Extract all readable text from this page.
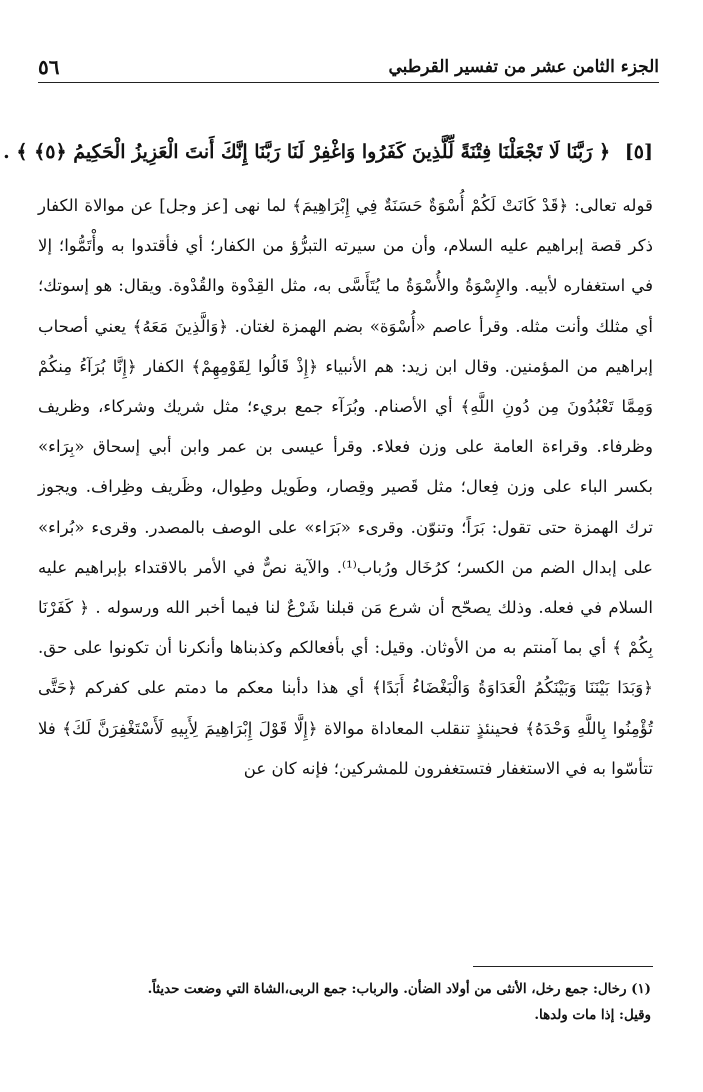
الجزء الثامن عشر من تفسير القرطبي
٥٦
[٥] ﴿ رَبَّنَا لَا تَجْعَلْنَا فِتْنَةً لِّلَّذِينَ كَفَرُوا وَاغْفِرْ لَنَا رَبَّنَا إِنَّكَ أَنتَ الْعَزِيزُ الْحَكِيمُ ﴿٥﴾ ﴾ .

قوله تعالى: ﴿قَدْ كَانَتْ لَكُمْ أُسْوَةٌ حَسَنَةٌ فِي إِبْرَاهِيمَ﴾ لما نهى [عز وجل] عن موالاة الكفار ذكر قصة إبراهيم عليه السلام، وأن من سيرته التبرُّؤ من الكفار؛ أي فأقتدوا به وأْتَمُّوا؛ إلا في استغفاره لأبيه. والإِسْوَةُ والأُسْوَةُ ما يُتَأَسَّى به، مثل القِدْوة والقُدْوة. ويقال: هو إسوتك؛ أي مثلك وأنت مثله. وقرأ عاصم «أُسْوَة» بضم الهمزة لغتان. ﴿وَالَّذِينَ مَعَهُ﴾ يعني أصحاب إبراهيم من المؤمنين. وقال ابن زيد: هم الأنبياء ﴿إِذْ قَالُوا لِقَوْمِهِمْ﴾ الكفار ﴿إِنَّا بُرَآءُ مِنكُمْ وَمِمَّا تَعْبُدُونَ مِن دُونِ اللَّهِ﴾ أي الأصنام. وبُرَآء جمع بريء؛ مثل شريك وشركاء، وظريف وظرفاء. وقراءة العامة على وزن فعلاء. وقرأ عيسى بن عمر وابن أبي إسحاق «بِرَاء» بكسر الباء على وزن فِعال؛ مثل قَصير وقِصار، وطَويل وطِوال، وظَريف وظِراف. ويجوز ترك الهمزة حتى تقول: بَرَاً؛ وتنوّن. وقرىء «بَرَاء» على الوصف بالمصدر. وقرىء «بُراء» على إبدال الضم من الكسر؛ كرُخَال ورُباب⁽¹⁾. والآية نصٌّ في الأمر بالاقتداء بإبراهيم عليه السلام في فعله. وذلك يصحّح أن شرع مَن قبلنا شَرْعٌ لنا فيما أخبر الله ورسوله . ﴿ كَفَرْنَا بِكُمْ ﴾ أي بما آمنتم به من الأوثان. وقيل: أي بأفعالكم وكذبناها وأنكرنا أن تكونوا على حق. ﴿وَبَدَا بَيْنَنَا وَبَيْنَكُمُ الْعَدَاوَةُ وَالْبَغْضَاءُ أَبَدًا﴾ أي هذا دأبنا معكم ما دمتم على كفركم ﴿حَتَّى تُؤْمِنُوا بِاللَّهِ وَحْدَهُ﴾ فحينئذٍ تنقلب المعاداة موالاة ﴿إِلَّا قَوْلَ إِبْرَاهِيمَ لِأَبِيهِ لَأَسْتَغْفِرَنَّ لَكَ﴾ فلا تتأسّوا به في الاستغفار فتستغفرون للمشركين؛ فإنه كان عن

(١) رخال: جمع رخل، الأنثى من أولاد الضأن. والرباب: جمع الربى،الشاة التي وضعت حديثاً.

وقيل: إذا مات ولدها.
